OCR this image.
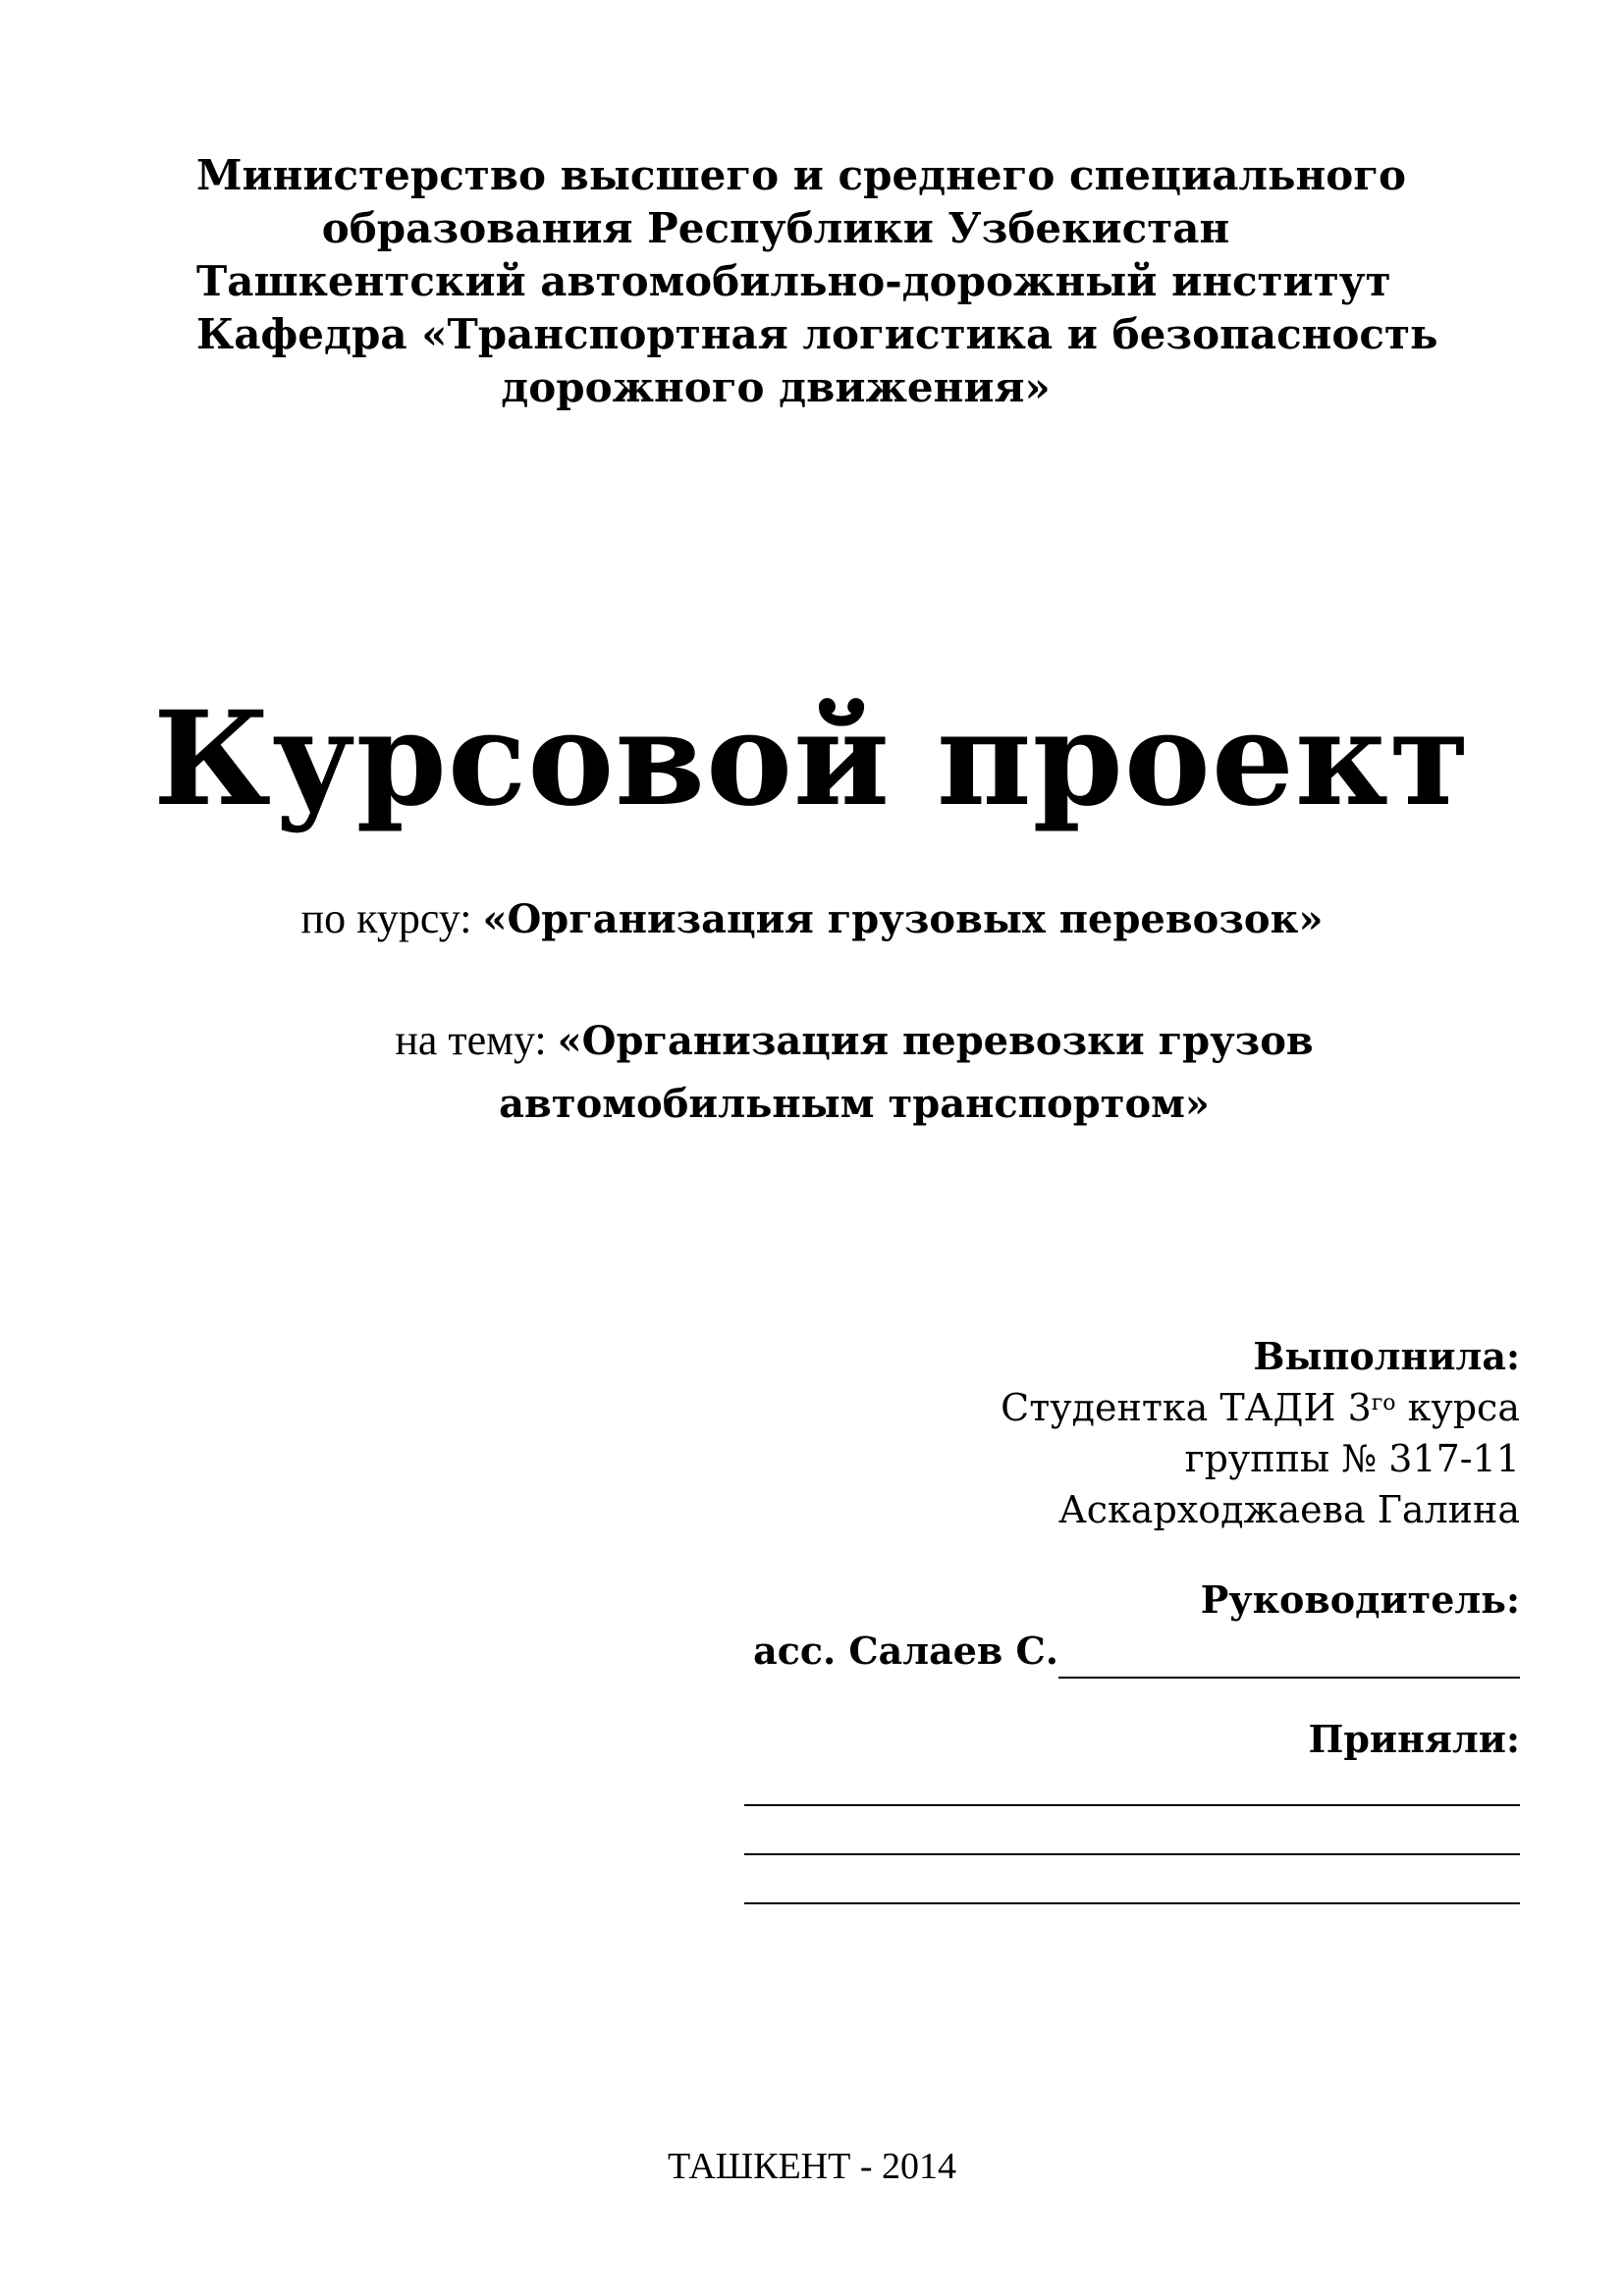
Министерство высшего и среднего специального
образования Республики Узбекистан
Ташкентский автомобильно-дорожный институт
Кафедра «Транспортная логистика и безопасность
дорожного движения»
Курсовой проект
по курсу: «Организация грузовых перевозок»
на тему: «Организация перевозки грузов автомобильным транспортом»
Выполнила:
Студентка ТАДИ $3^{го}$ курса
группы № 317-11
Аскарходжаева Галина
Руководитель:
асс. Салаев С.
Приняли:
ТАШКЕНТ - 2014
